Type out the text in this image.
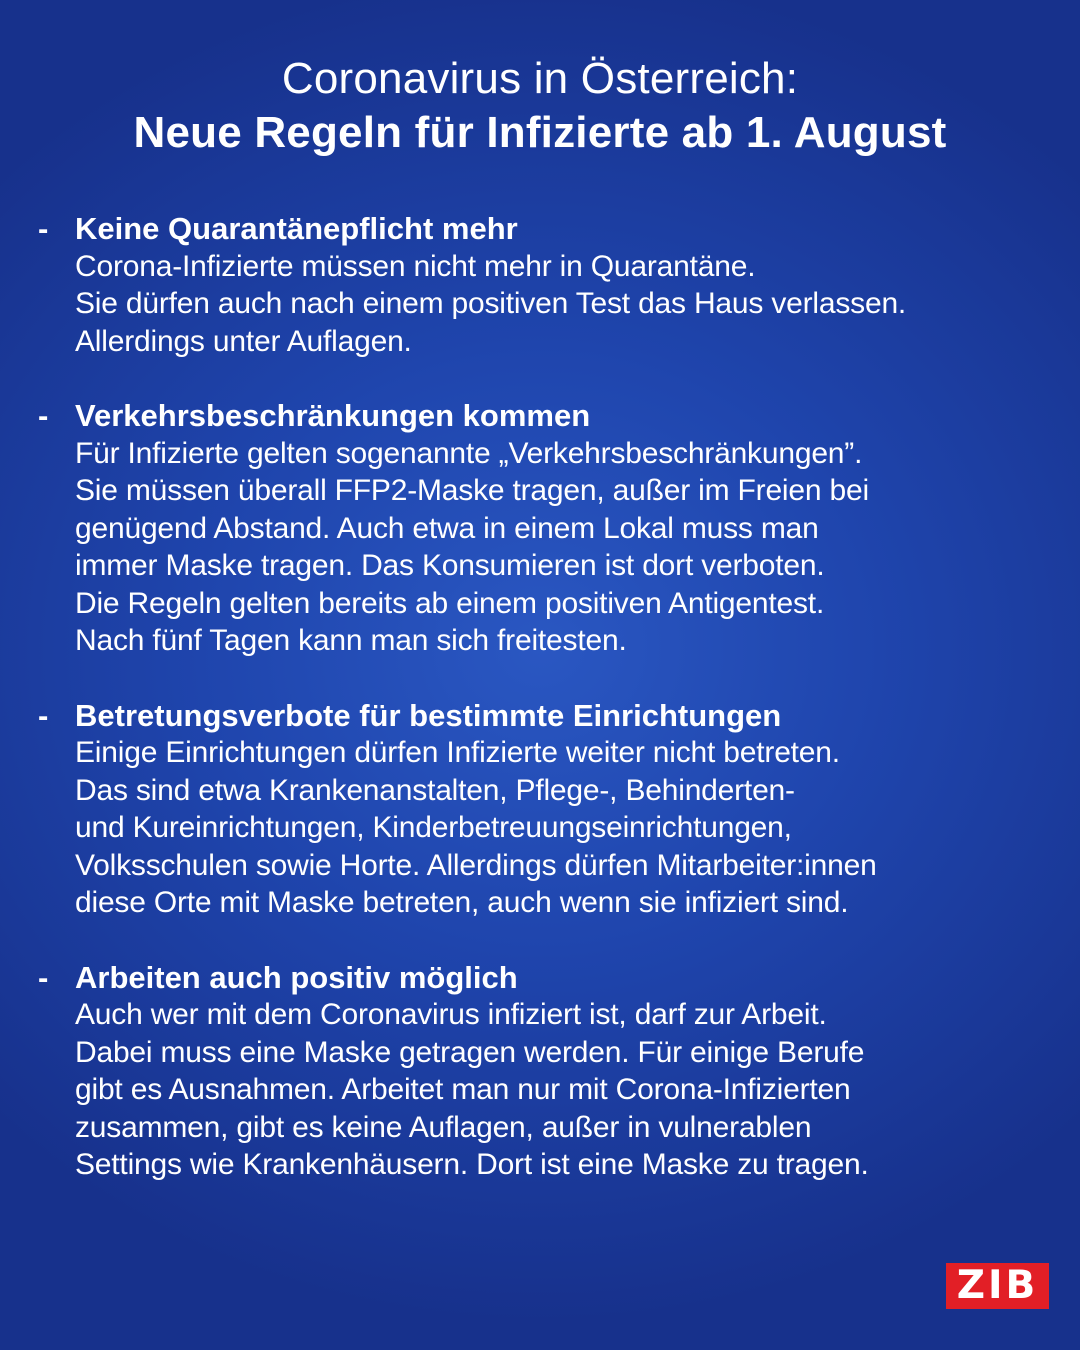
Coronavirus in Österreich:
Neue Regeln für Infizierte ab 1. August
- Keine Quarantänepflicht mehr
Corona-Infizierte müssen nicht mehr in Quarantäne.
Sie dürfen auch nach einem positiven Test das Haus verlassen.
Allerdings unter Auflagen.
- Verkehrsbeschränkungen kommen
Für Infizierte gelten sogenannte „Verkehrsbeschränkungen”.
Sie müssen überall FFP2-Maske tragen, außer im Freien bei
genügend Abstand. Auch etwa in einem Lokal muss man
immer Maske tragen. Das Konsumieren ist dort verboten.
Die Regeln gelten bereits ab einem positiven Antigentest.
Nach fünf Tagen kann man sich freitesten.
- Betretungsverbote für bestimmte Einrichtungen
Einige Einrichtungen dürfen Infizierte weiter nicht betreten.
Das sind etwa Krankenanstalten, Pflege-, Behinderten-
und Kureinrichtungen, Kinderbetreuungseinrichtungen,
Volksschulen sowie Horte. Allerdings dürfen Mitarbeiter:innen
diese Orte mit Maske betreten, auch wenn sie infiziert sind.
- Arbeiten auch positiv möglich
Auch wer mit dem Coronavirus infiziert ist, darf zur Arbeit.
Dabei muss eine Maske getragen werden. Für einige Berufe
gibt es Ausnahmen. Arbeitet man nur mit Corona-Infizierten
zusammen, gibt es keine Auflagen, außer in vulnerablen
Settings wie Krankenhäusern. Dort ist eine Maske zu tragen.
ZIB
